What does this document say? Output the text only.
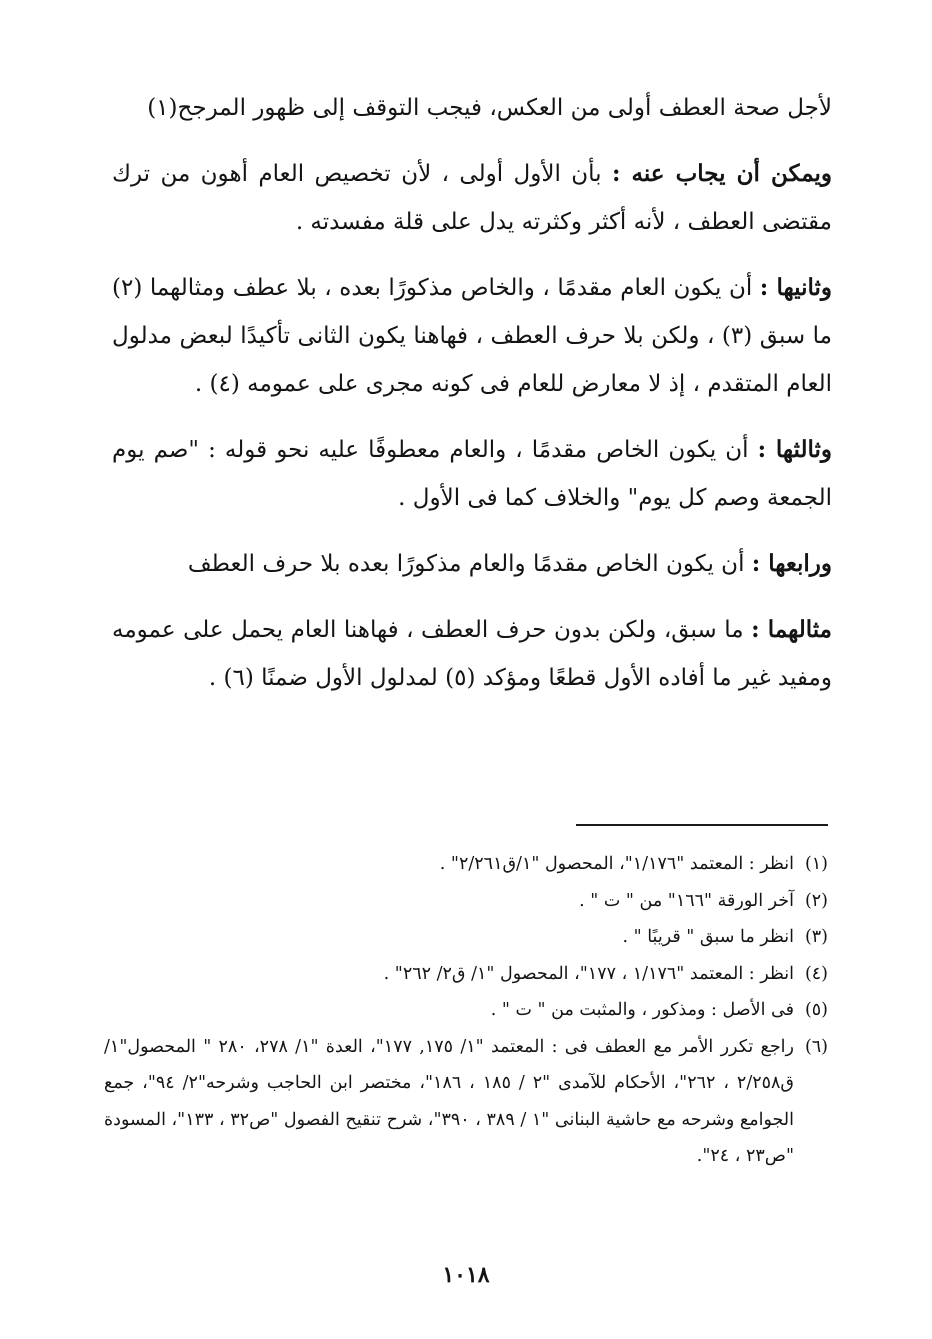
لأجل صحة العطف أولى من العكس، فيجب التوقف إلى ظهور المرجح(١)

ويمكن أن يجاب عنه : بأن الأول أولى ، لأن تخصيص العام أهون من ترك مقتضى العطف ، لأنه أكثر وكثرته يدل على قلة مفسدته .

وثانيها : أن يكون العام مقدمًا ، والخاص مذكورًا بعده ، بلا عطف ومثالهما (٢) ما سبق (٣) ، ولكن بلا حرف العطف ، فهاهنا يكون الثانى تأكيدًا لبعض مدلول العام المتقدم ، إذ لا معارض للعام فى كونه مجرى على عمومه (٤) .

وثالثها : أن يكون الخاص مقدمًا ، والعام معطوفًا عليه نحو قوله : "صم يوم الجمعة وصم كل يوم" والخلاف كما فى الأول .

ورابعها : أن يكون الخاص مقدمًا والعام مذكورًا بعده بلا حرف العطف

مثالهما : ما سبق، ولكن بدون حرف العطف ، فهاهنا العام يحمل على عمومه ومفيد غير ما أفاده الأول قطعًا ومؤكد (٥) لمدلول الأول ضمنًا (٦) .

(١)
انظر : المعتمد "١/١٧٦"، المحصول "١/ق٢/٢٦١" .
(٢)
آخر الورقة "١٦٦" من " ت " .
(٣)
انظر ما سبق " قريبًا " .
(٤)
انظر : المعتمد "١/١٧٦ ، ١٧٧"، المحصول "١/ ق٢/ ٢٦٢" .
(٥)
فى الأصل : ومذكور ، والمثبت من " ت " .
(٦)
راجع تكرر الأمر مع العطف فى : المعتمد "١/ ١٧٥, ١٧٧"، العدة "١/ ٢٧٨، ٢٨٠ " المحصول"١/ق٢/٢٥٨ ، ٢٦٢"، الأحكام للآمدى "٢ / ١٨٥ ، ١٨٦"، مختصر ابن الحاجب وشرحه"٢/ ٩٤"، جمع الجوامع وشرحه مع حاشية البنانى "١ / ٣٨٩ ، ٣٩٠"، شرح تنقيح الفصول "ص٣٢ ، ١٣٣"، المسودة "ص٢٣ ، ٢٤".
١٠١٨
